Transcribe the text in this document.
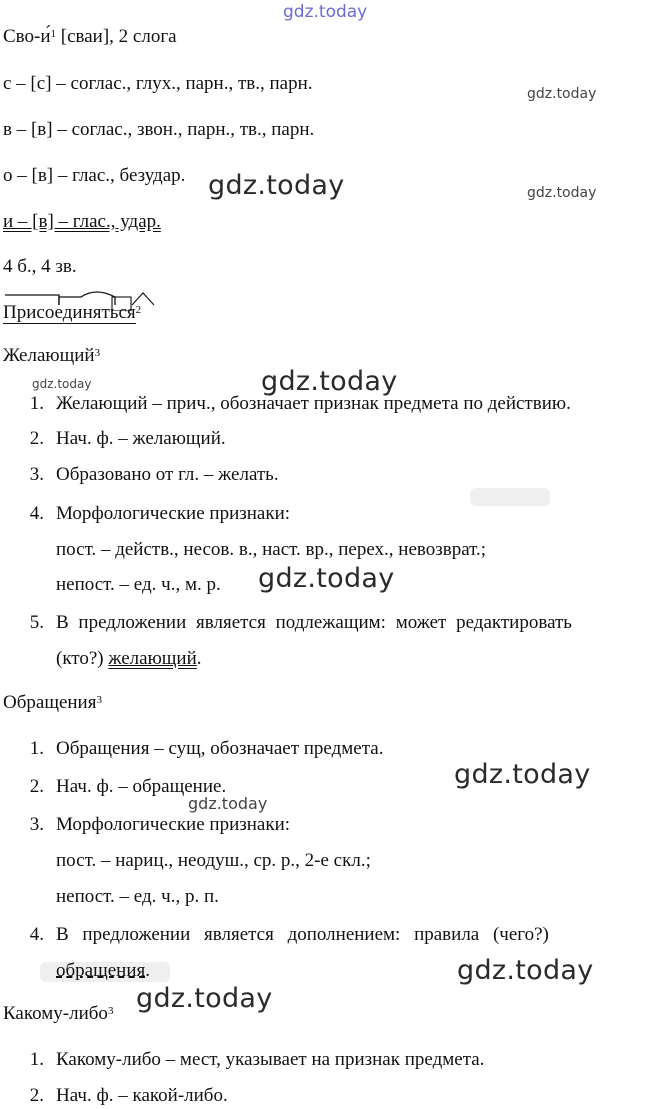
gdz.today
gdz.today
gdz.today	gdz.today
gdz.today	gdz.today
gdz.today
gdz.today
gdz.today
gdz.today
gdz.today
Сво-и́$^1$ [сваи], 2 слога
с – [с] – соглас., глух., парн., тв., парн.
в – [в] – соглас., звон., парн., тв., парн.
о – [в] – глас., безудар.
и – [в] – глас., удар.
4 б., 4 зв.
Присоединяться$^2$
Желающий$^3$
1. Желающий – прич., обозначает признак предмета по действию.
2. Нач. ф. – желающий.
3. Образовано от гл. – желать.
4. Морфологические признаки:
пост. – действ., несов. в., наст. вр., перех., невозврат.;
непост. – ед. ч., м. р.
5. В предложении является подлежащим: может редактировать
(кто?) желающий.
Обращения$^3$
1. Обращения – сущ, обозначает предмета.
2. Нач. ф. – обращение.
3. Морфологические признаки:
пост. – нариц., неодуш., ср. р., 2-е скл.;
непост. – ед. ч., р. п.
4. В предложении является дополнением: правила (чего?)
обращения.
Какому-либо$^3$
1. Какому-либо – мест, указывает на признак предмета.
2. Нач. ф. – какой-либо.
